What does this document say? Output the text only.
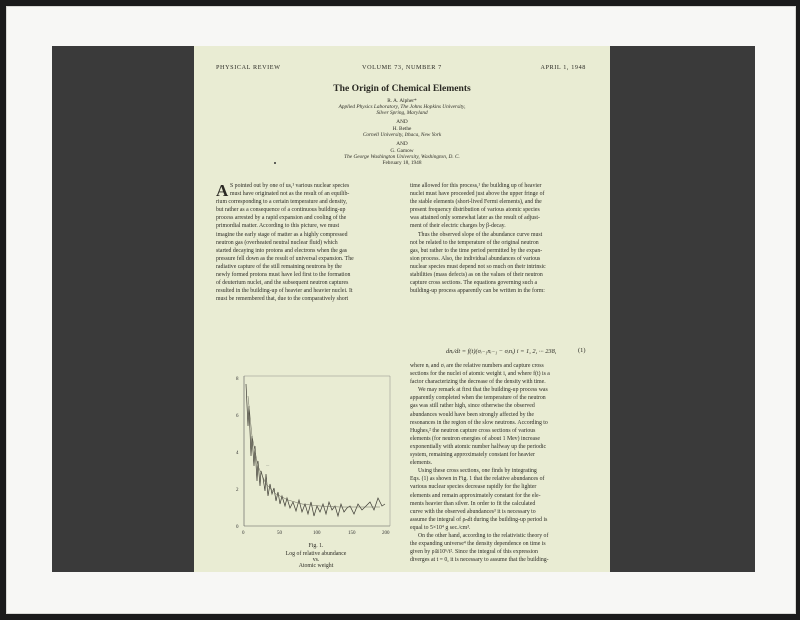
PHYSICAL REVIEW	VOLUME 73, NUMBER 7	APRIL 1, 1948
The Origin of Chemical Elements
R. A. Alpher*
Applied Physics Laboratory, The Johns Hopkins University,
Silver Spring, Maryland
AND
H. Bethe
Cornell University, Ithaca, New York
AND
G. Gamow
The George Washington University, Washington, D. C.
February 18, 1948
A S pointed out by one of us,¹ various nuclear species
must have originated not as the result of an equilib-
rium corresponding to a certain temperature and density,
but rather as a consequence of a continuous building-up
process arrested by a rapid expansion and cooling of the
primordial matter. According to this picture, we must
imagine the early stage of matter as a highly compressed
neutron gas (overheated neutral nuclear fluid) which
started decaying into protons and electrons when the gas
pressure fell down as the result of universal expansion. The
radiative capture of the still remaining neutrons by the
newly formed protons must have led first to the formation
of deuterium nuclei, and the subsequent neutron captures
resulted in the building-up of heavier and heavier nuclei. It
must be remembered that, due to the comparatively short
time allowed for this process,¹ the building up of heavier
nuclei must have proceeded just above the upper fringe of
the stable elements (short-lived Fermi elements), and the
present frequency distribution of various atomic species
was attained only somewhat later as the result of adjust-
ment of their electric charges by β-decay.
Thus the observed slope of the abundance curve must
not be related to the temperature of the original neutron
gas, but rather to the time period permitted by the expan-
sion process. Also, the individual abundances of various
nuclear species must depend not so much on their intrinsic
stabilities (mass defects) as on the values of their neutron
capture cross sections. The equations governing such a
building-up process apparently can be written in the form:
dnᵢ/dt = f(t)(σᵢ₋₁nᵢ₋₁ − σᵢnᵢ) i = 1, 2, ··· 238,	(1)
where nᵢ and σᵢ are the relative numbers and capture cross
sections for the nuclei of atomic weight i, and where f(t) is a
factor characterizing the decrease of the density with time.
We may remark at first that the building-up process was
apparently completed when the temperature of the neutron
gas was still rather high, since otherwise the observed
abundances would have been strongly affected by the
resonances in the region of the slow neutrons. According to
Hughes,² the neutron capture cross sections of various
elements (for neutron energies of about 1 Mev) increase
exponentially with atomic number halfway up the periodic
system, remaining approximately constant for heavier
elements.
Using these cross sections, one finds by integrating
Eqs. (1) as shown in Fig. 1 that the relative abundances of
various nuclear species decrease rapidly for the lighter
elements and remain approximately constant for the ele-
ments heavier than silver. In order to fit the calculated
curve with the observed abundances³ it is necessary to
assume the integral of ρₙdt during the building-up period is
equal to 5×10⁴ g sec./cm³.
On the other hand, according to the relativistic theory of
the expanding universe⁴ the density dependence on time is
given by ρ≅10⁶/t². Since the integral of this expression
diverges at t = 0, it is necessary to assume that the building-
8
6
4
2
0
0	50	100	150	200
—
Fig. 1.
Log of relative abundance
vs.
Atomic weight
